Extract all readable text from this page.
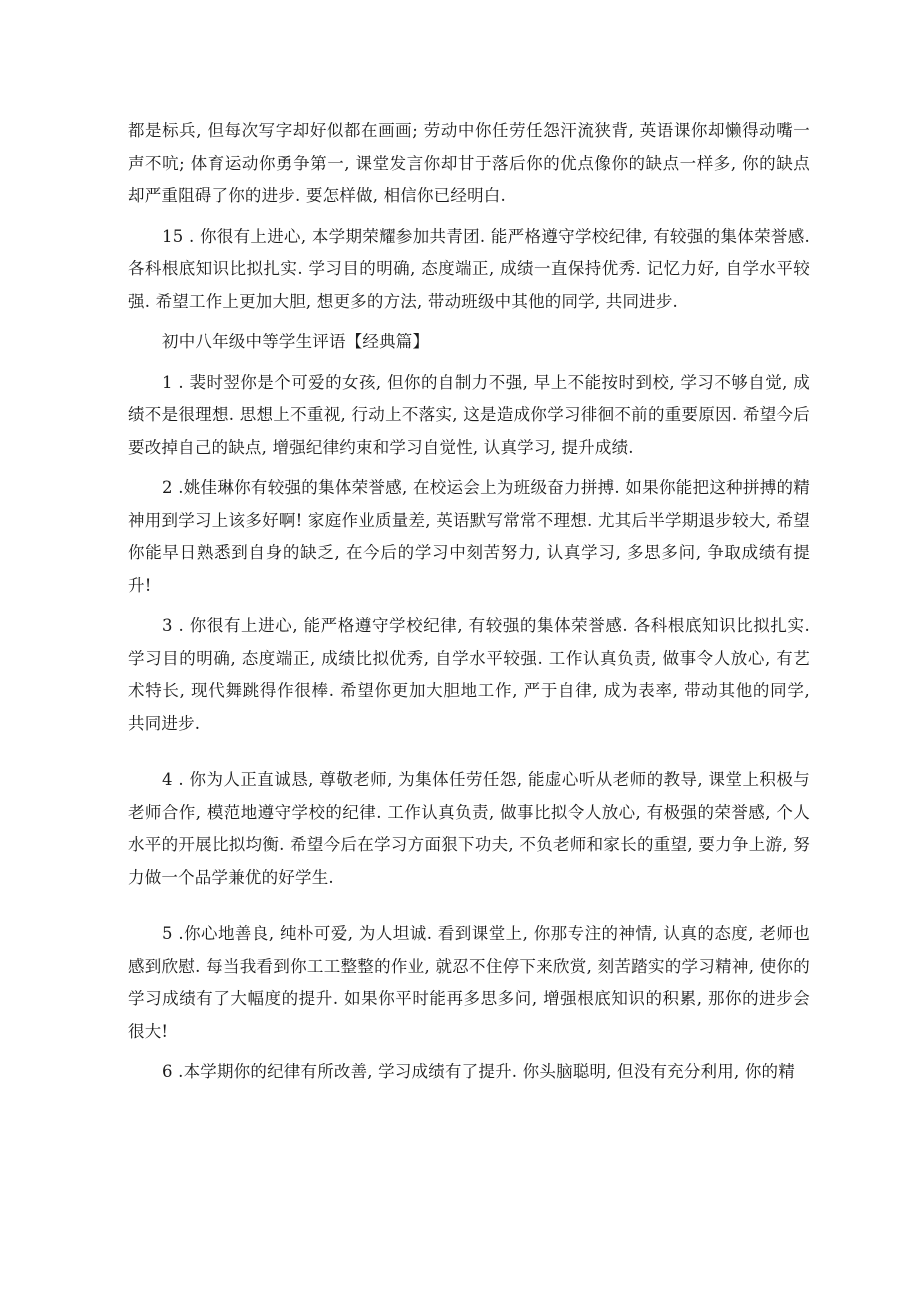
都是标兵, 但每次写字却好似都在画画; 劳动中你任劳任怨汗流狭背, 英语课你却懒得动嘴一声不吭; 体育运动你勇争第一, 课堂发言你却甘于落后你的优点像你的缺点一样多, 你的缺点却严重阻碍了你的进步. 要怎样做, 相信你已经明白.

15 . 你很有上进心, 本学期荣耀参加共青团. 能严格遵守学校纪律, 有较强的集体荣誉感. 各科根底知识比拟扎实. 学习目的明确, 态度端正, 成绩一直保持优秀. 记忆力好, 自学水平较强. 希望工作上更加大胆, 想更多的方法, 带动班级中其他的同学, 共同进步.

初中八年级中等学生评语【经典篇】

1 . 裴时翌你是个可爱的女孩, 但你的自制力不强, 早上不能按时到校, 学习不够自觉, 成绩不是很理想. 思想上不重视, 行动上不落实, 这是造成你学习徘徊不前的重要原因. 希望今后要改掉自己的缺点, 增强纪律约束和学习自觉性, 认真学习, 提升成绩.

2 .姚佳琳你有较强的集体荣誉感, 在校运会上为班级奋力拼搏. 如果你能把这种拼搏的精神用到学习上该多好啊! 家庭作业质量差, 英语默写常常不理想. 尤其后半学期退步较大, 希望你能早日熟悉到自身的缺乏, 在今后的学习中刻苦努力, 认真学习, 多思多问, 争取成绩有提升!

3 . 你很有上进心, 能严格遵守学校纪律, 有较强的集体荣誉感. 各科根底知识比拟扎实. 学习目的明确, 态度端正, 成绩比拟优秀, 自学水平较强. 工作认真负责, 做事令人放心, 有艺术特长, 现代舞跳得作很棒. 希望你更加大胆地工作, 严于自律, 成为表率, 带动其他的同学, 共同进步.

4 . 你为人正直诚恳, 尊敬老师, 为集体任劳任怨, 能虚心听从老师的教导, 课堂上积极与老师合作, 模范地遵守学校的纪律. 工作认真负责, 做事比拟令人放心, 有极强的荣誉感, 个人水平的开展比拟均衡. 希望今后在学习方面狠下功夫, 不负老师和家长的重望, 要力争上游, 努力做一个品学兼优的好学生.

5 .你心地善良, 纯朴可爱, 为人坦诚. 看到课堂上, 你那专注的神情, 认真的态度, 老师也感到欣慰. 每当我看到你工工整整的作业, 就忍不住停下来欣赏, 刻苦踏实的学习精神, 使你的学习成绩有了大幅度的提升. 如果你平时能再多思多问, 增强根底知识的积累, 那你的进步会很大!

6 .本学期你的纪律有所改善, 学习成绩有了提升. 你头脑聪明, 但没有充分利用, 你的精
